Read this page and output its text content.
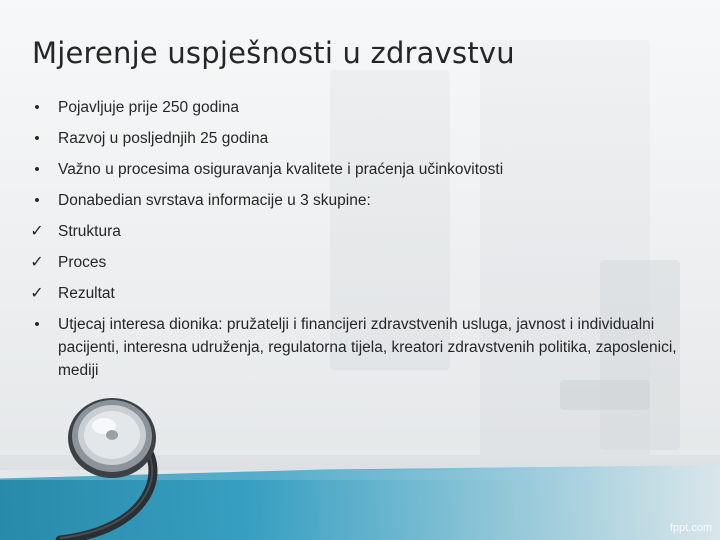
Mjerenje uspješnosti u zdravstvu
•	Pojavljuje prije 250 godina
•	Razvoj u posljednjih 25 godina
•	Važno u procesima osiguravanja kvalitete i praćenja učinkovitosti
•	Donabedian svrstava informacije u 3 skupine:
✓ Struktura
✓ Proces
✓ Rezultat
•	Utjecaj interesa dionika: pružatelji i financijeri zdravstvenih usluga, javnost i individualni pacijenti, interesna udruženja, regulatorna tijela, kreatori zdravstvenih politika, zaposlenici, mediji
fppt.com
